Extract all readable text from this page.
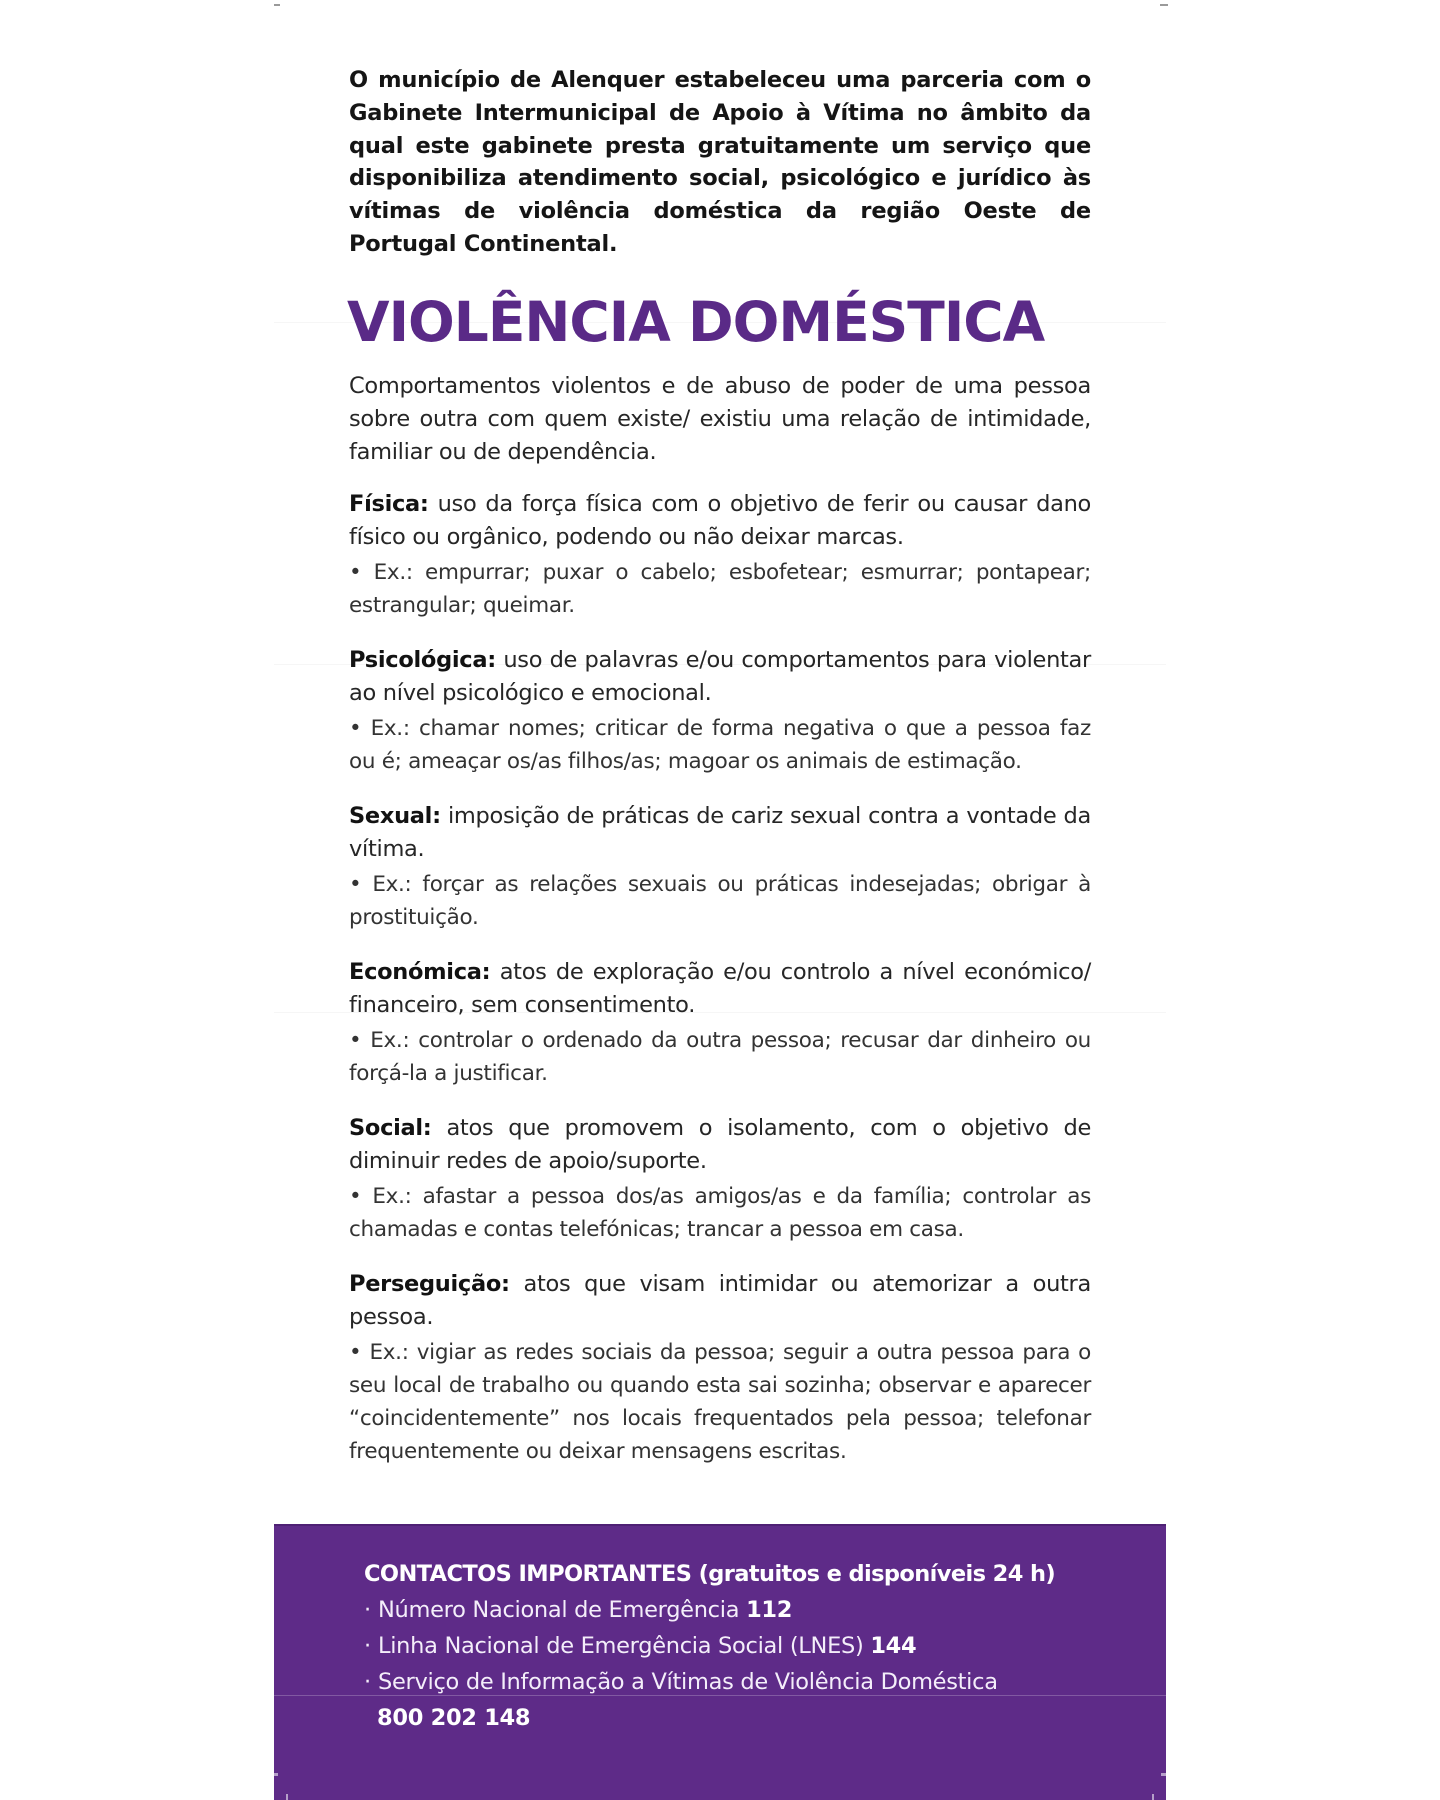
O município de Alenquer estabeleceu uma parceria com o Gabinete Intermunicipal de Apoio à Vítima no âmbito da qual este gabinete presta gratuitamente um serviço que disponibiliza atendimento social, psicológico e jurídico às vítimas de violência doméstica da região Oeste de Portugal Continental.

VIOLÊNCIA DOMÉSTICA

Comportamentos violentos e de abuso de poder de uma pessoa sobre outra com quem existe/ existiu uma relação de intimidade, familiar ou de dependência.

Física: uso da força física com o objetivo de ferir ou causar dano físico ou orgânico, podendo ou não deixar marcas.
• Ex.: empurrar; puxar o cabelo; esbofetear; esmurrar; pontapear; estrangular; queimar.
Psicológica: uso de palavras e/ou comportamentos para violentar ao nível psicológico e emocional.
• Ex.: chamar nomes; criticar de forma negativa o que a pessoa faz ou é; ameaçar os/as filhos/as; magoar os animais de estimação.
Sexual: imposição de práticas de cariz sexual contra a vontade da vítima.
• Ex.: forçar as relações sexuais ou práticas indesejadas; obrigar à prostituição.
Económica: atos de exploração e/ou controlo a nível económico/ financeiro, sem consentimento.
• Ex.: controlar o ordenado da outra pessoa; recusar dar dinheiro ou forçá-la a justificar.
Social: atos que promovem o isolamento, com o objetivo de diminuir redes de apoio/suporte.
• Ex.: afastar a pessoa dos/as amigos/as e da família; controlar as chamadas e contas telefónicas; trancar a pessoa em casa.
Perseguição: atos que visam intimidar ou atemorizar a outra pessoa.
• Ex.: vigiar as redes sociais da pessoa; seguir a outra pessoa para o seu local de trabalho ou quando esta sai sozinha; observar e aparecer “coincidentemente” nos locais frequentados pela pessoa; telefonar frequentemente ou deixar mensagens escritas.
CONTACTOS IMPORTANTES (gratuitos e disponíveis 24 h)
· Número Nacional de Emergência 112
· Linha Nacional de Emergência Social (LNES) 144
· Serviço de Informação a Vítimas de Violência Doméstica
800 202 148
